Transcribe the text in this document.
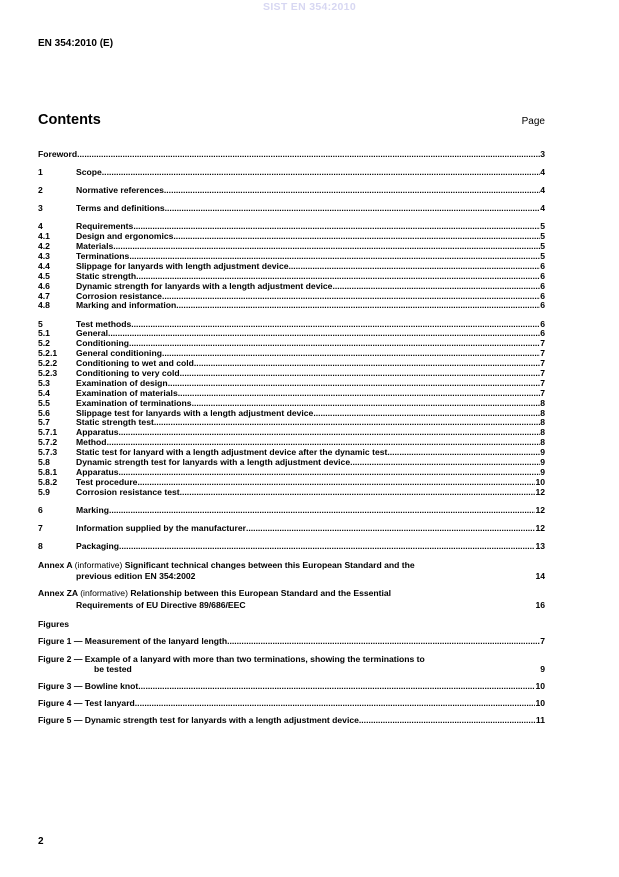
SIST EN 354:2010
EN 354:2010 (E)
Contents	Page
Foreword .....	3
1	Scope .....	4
2	Normative references .....	4
3	Terms and definitions .....	4
4	Requirements .....	5
4.1	Design and ergonomics .....	5
4.2	Materials .....	5
4.3	Terminations .....	5
4.4	Slippage for lanyards with length adjustment device .....	6
4.5	Static strength .....	6
4.6	Dynamic strength for lanyards with a length adjustment device .....	6
4.7	Corrosion resistance .....	6
4.8	Marking and information .....	6
5	Test methods .....	6
5.1	General .....	6
5.2	Conditioning .....	7
5.2.1	General conditioning .....	7
5.2.2	Conditioning to wet and cold .....	7
5.2.3	Conditioning to very cold .....	7
5.3	Examination of design .....	7
5.4	Examination of materials .....	7
5.5	Examination of terminations .....	8
5.6	Slippage test for lanyards with a length adjustment device .....	8
5.7	Static strength test .....	8
5.7.1	Apparatus .....	8
5.7.2	Method .....	8
5.7.3	Static test for lanyard with a length adjustment device after the dynamic test .....	9
5.8	Dynamic strength test for lanyards with a length adjustment device .....	9
5.8.1	Apparatus .....	9
5.8.2	Test procedure .....	10
5.9	Corrosion resistance test .....	12
6	Marking .....	12
7	Information supplied by the manufacturer .....	12
8	Packaging .....	13
Annex A (informative) Significant technical changes between this European Standard and the
previous edition EN 354:2002	14
Annex ZA (informative) Relationship between this European Standard and the Essential
Requirements of EU Directive 89/686/EEC	16
Figures
Figure 1 — Measurement of the lanyard length .....	7
Figure 2 — Example of a lanyard with more than two terminations, showing the terminations to
be tested	9
Figure 3 — Bowline knot .....	10
Figure 4 — Test lanyard .....	10
Figure 5 — Dynamic strength test for lanyards with a length adjustment device .....	11
2
